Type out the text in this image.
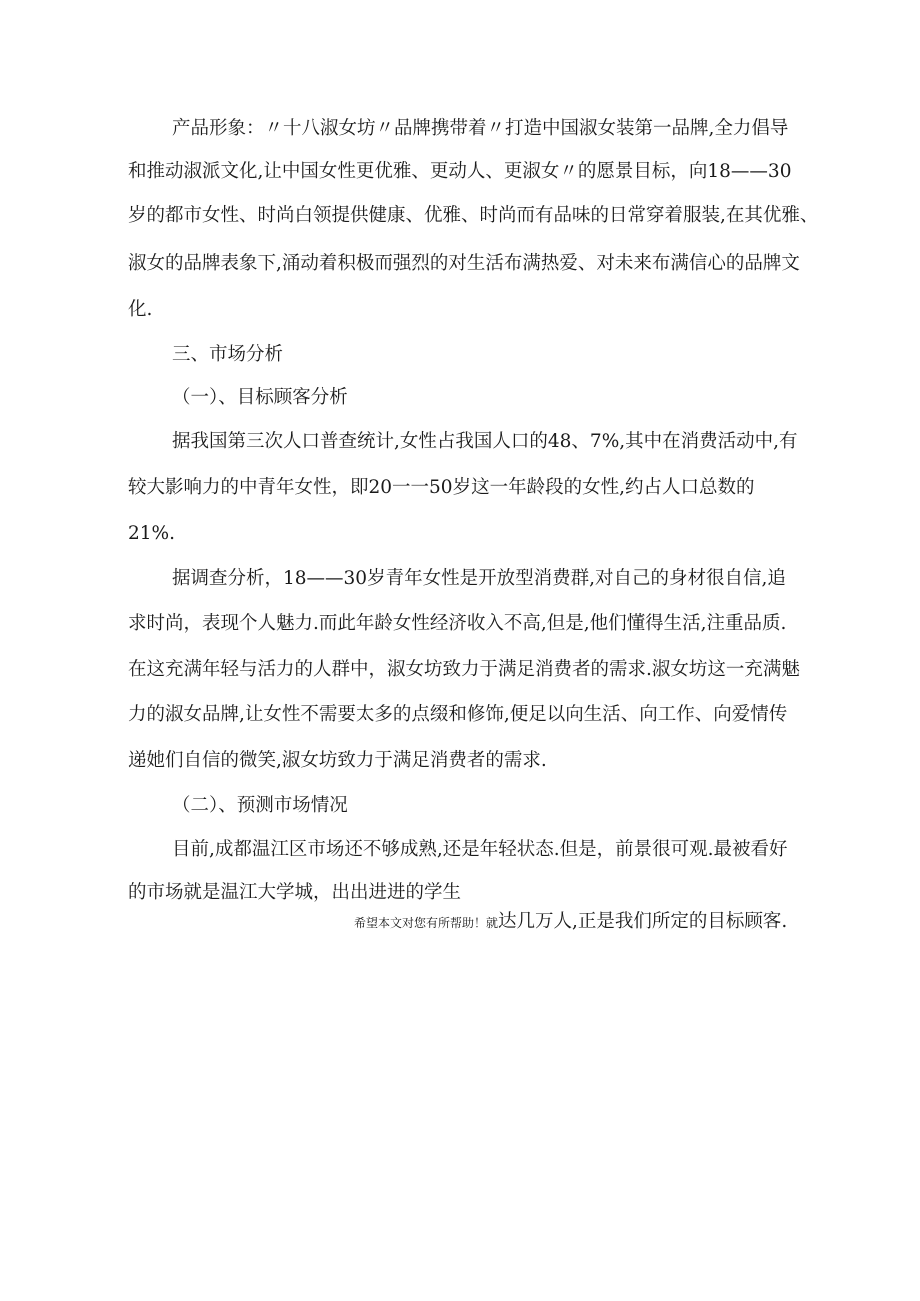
产品形象：〃十八淑女坊〃品牌携带着〃打造中国淑女装第一品牌,全力倡导
和推动淑派文化,让中国女性更优雅、更动人、更淑女〃的愿景目标，向18——30
岁的都市女性、时尚白领提供健康、优雅、时尚而有品味的日常穿着服装,在其优雅、
淑女的品牌表象下,涌动着积极而强烈的对生活布满热爱、对未来布满信心的品牌文
化.
三、市场分析
（一）、目标顾客分析
据我国第三次人口普查统计,女性占我国人口的48、7%,其中在消费活动中,有
较大影响力的中青年女性，即20一一50岁这一年龄段的女性,约占人口总数的
21%.
据调查分析，18——30岁青年女性是开放型消费群,对自己的身材很自信,追
求时尚，表现个人魅力.而此年龄女性经济收入不高,但是,他们懂得生活,注重品质.
在这充满年轻与活力的人群中，淑女坊致力于满足消费者的需求.淑女坊这一充满魅
力的淑女品牌,让女性不需要太多的点缀和修饰,便足以向生活、向工作、向爱情传
递她们自信的微笑,淑女坊致力于满足消费者的需求.
（二）、预测市场情况
目前,成都温江区市场还不够成熟,还是年轻状态.但是，前景很可观.最被看好
的市场就是温江大学城，出出进进的学生
希望本文对您有所帮助！就达几万人,正是我们所定的目标顾客.
